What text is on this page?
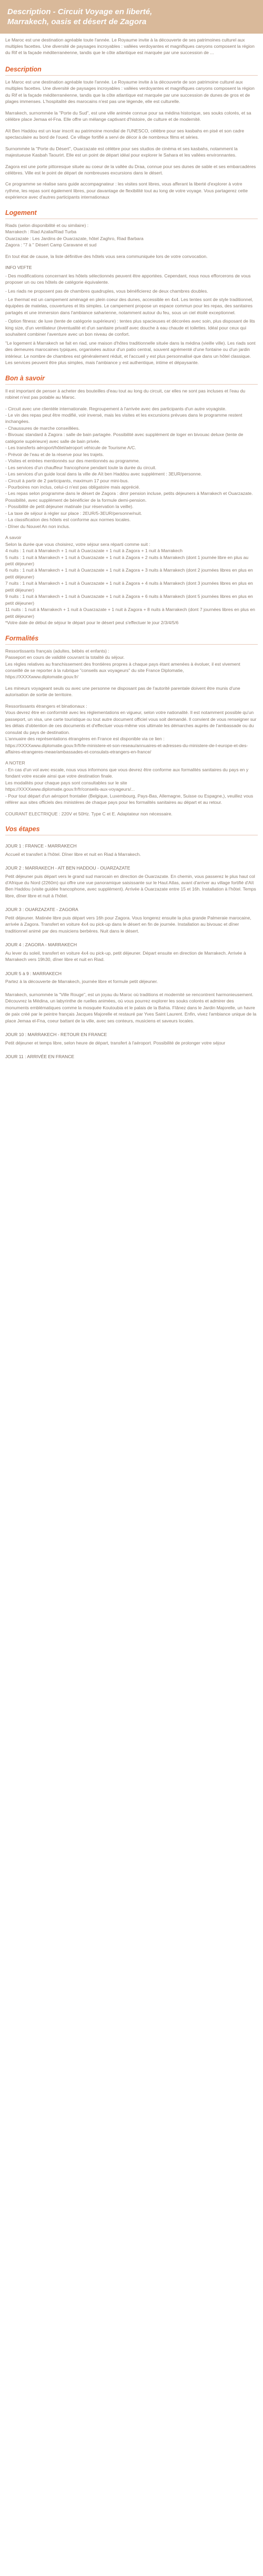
Description - Circuit Voyage en liberté,
Marrakech, oasis et désert de Zagora

Le Maroc est une destination agréable toute l'année. Le Royaume invite à la découverte de ses patrimoines culturel aux multiples facettes. Une diversité de paysages incroyables : vallées verdoyantes et magnifiques canyons composent la région du Rif et la façade méditerranéenne, tandis que le côte atlantique est marquée par une succession de ...

Description

Le Maroc est une destination agréable toute l'année. Le Royaume invite à la découverte de son patrimoine culturel aux multiples facettes. Une diversité de paysages incroyables : vallées verdoyantes et magnifiques canyons composent la région du Rif et la façade méditerranéenne, tandis que la côte atlantique est marquée par une succession de dunes de gros et de plages immenses. L'hospitalité des marocains n'est pas une légende, elle est culturelle.

Marrakech, surnommée la "Porte du Sud", est une ville animée connue pour sa médina historique, ses souks colorés, et sa célèbre place Jemaa el-Fna. Elle offre un mélange captivant d'histoire, de culture et de modernité.

Aït Ben Haddou est un ksar inscrit au patrimoine mondial de l'UNESCO, célèbre pour ses kasbahs en pisé et son cadre spectaculaire au bord de l'oued. Ce village fortifié a servi de décor à de nombreux films et séries.

Surnommée la "Porte du Désert", Ouarzazate est célèbre pour ses studios de cinéma et ses kasbahs, notamment la majestueuse Kasbah Taourirt. Elle est un point de départ idéal pour explorer le Sahara et les vallées environnantes.

Zagora est une porte pittoresque située au coeur de la vallée du Draa, connue pour ses dunes de sable et ses embarcadères célèbres. Ville est le point de départ de nombreuses excursions dans le désert.

Ce programme se réalise sans guide accompagnateur : les visites sont libres, vous afferant la liberté d'explorer à votre rythme, les repas sont également libres, pour davantage de flexibilité tout au long de votre voyage. Vous partagerez cette expérience avec d'autres participants internationaux

Logement

Riads (selon disponibilité et ou similaire) :

Marrakech : Riad Azalia/Riad Turba

Ouarzazate : Les Jardins de Ouarzazate, hôtel Zaghro, Riad Barbara

Zagora : "7 à " Désert Camp Caravane et sud

En tout état de cause, la liste définitive des hôtels vous sera communiquée lors de votre convocation.

INFO VEFTE

- Des modifications concernant les hôtels sélectionnés peuvent être apportées. Cependant, nous nous efforcerons de vous proposer un ou ces hôtels de catégorie équivalente.

- Les riads ne proposent pas de chambres quadruples, vous bénéficierez de deux chambres doubles.

- Le thermat est un campement aménagé en plein coeur des dunes, accessible en 4x4. Les tentes sont de style traditionnel, équipées de matelas, couvertures et lits simples. Le campement propose un espace commun pour les repas, des sanitaires partagés et une immersion dans l'ambiance saharienne, notamment autour du feu, sous un ciel étoilé exceptionnel.

- Option fitness: de luxe (tente de catégorie supérieure) : tentes plus spacieuses et décorées avec soin, plus disposant de lits king size, d'un ventilateur (éventualité et d'un sanitaire privatif avec douche à eau chaude et toilettes. Idéal pour ceux qui souhaitent combiner l'aventure avec un bon niveau de confort.

"Le logement à Marrakech se fait en riad, une maison d'hôtes traditionnelle située dans la médina (vieille ville). Les riads sont des demeures marocaines typiques, organisées autour d'un patio central, souvent agrémenté d'une fontaine ou d'un jardin intérieur. Le nombre de chambres est généralement réduit, et l'accueil y est plus personnalisé que dans un hôtel classique. Les services peuvent être plus simples, mais l'ambiance y est authentique, intime et dépaysante.

Bon à savoir

Il est important de penser à acheter des bouteilles d'eau tout au long du circuit, car elles ne sont pas incluses et l'eau du robinet n'est pas potable au Maroc.

- Circuit avec une clientèle internationale. Regroupement à l'arrivée avec des participants d'un autre voyagiste.
- Le vin des repas peut être modifié, voir inversé, mais les visites et les excursions prévues dans le programme restent inchangées.
- Chaussures de marche conseillées.
- Bivouac standard à Zagora : salle de bain partagée. Possibilité avec supplément de loger en bivouac deluxe (tente de catégorie supérieure) avec salle de bain privée.
- Les transferts aéroport/hôtel/aéroport véhicule de Tourisme A/C.
- Prévoir de l'eau et de la réserve pour les trajets.
- Visites et entrées mentionnés sur des mentionnés au programme.
- Les services d'un chauffeur francophone pendant toute la durée du circuit.
- Les services d'un guide local dans la ville de Aït ben Haddou avec supplément : 3EUR/personne.
- Circuit à partir de 2 participants, maximum 17 pour mini-bus.
- Pourboires non inclus, celui-ci n'est pas obligatoire mais apprécié.
- Les repas selon programme dans le désert de Zagora : dinrr pension incluse, petits déjeuners à Marrakech et Ouarzazate. Possibilité, avec supplément de bénéficier de la formule demi-pension.
- Possibilité de petit déjeuner matinale (sur réservation la veille).
- La taxe de séjour à régler sur place : 2EUR/5-3EUR/personne/nuit.
- La classification des hôtels est conforme aux normes locales.
- Dîner du Nouvel An non inclus.

A savoir
Selon la durée que vous choisirez, votre séjour sera réparti comme suit :
4 nuits : 1 nuit à Marrakech + 1 nuit à Ouarzazate + 1 nuit à Zagora + 1 nuit à Marrakech
5 nuits : 1 nuit à Marrakech + 1 nuit à Ouarzazate + 1 nuit à Zagora + 2 nuits à Marrakech (dont 1 journée libre en plus au petit déjeuner)
6 nuits : 1 nuit à Marrakech + 1 nuit à Ouarzazate + 1 nuit à Zagora + 3 nuits à Marrakech (dont 2 journées libres en plus en petit déjeuner)
7 nuits : 1 nuit à Marrakech + 1 nuit à Ouarzazate + 1 nuit à Zagora + 4 nuits à Marrakech (dont 3 journées libres en plus en petit déjeuner)
9 nuits : 1 nuit à Marrakech + 1 nuit à Ouarzazate + 1 nuit à Zagora + 6 nuits à Marrakech (dont 5 journées libres en plus en petit déjeuner)
11 nuits : 1 nuit à Marrakech + 1 nuit à Ouarzazate + 1 nuit à Zagora + 8 nuits à Marrakech (dont 7 journées libres en plus en petit déjeuner)
*Votre date de début de séjour le départ pour le désert peut s'effectuer le jour 2/3/4/5/6

Formalités

Ressortissants français (adultes, bébés et enfants) :
Passeport en cours de validité couvrant la totalité du séjour.
Les règles relatives au franchissement des frontières propres à chaque pays étant amenées à évoluer, il est vivement conseillé de se reporter à la rubrique "conseils aux voyageurs" du site France Diplomatie,
https://XXXXwww.diplomatie.gouv.fr/

Les mineurs voyageant seuls ou avec une personne ne disposant pas de l'autorité parentale doivent être munis d'une autorisation de sortie de territoire.

Ressortissants étrangers et binationaux :
Vous devrez être en conformité avec les réglementations en vigueur, selon votre nationalité. Il est notamment possible qu'un passeport, un visa, une carte touristique ou tout autre document officiel vous soit demandé. Il convient de vous renseigner sur les délais d'obtention de ces documents et d'effectuer vous-même vos ultimate les démarches auprès de l'ambassade ou du consulat du pays de destination.
L'annuaire des représentations étrangères en France est disponible via ce lien :
https://XXXXwww.diplomatie.gouv.fr/fr/le-ministere-et-son-reseau/annuaires-et-adresses-du-ministere-de-l-europe-et-des-affaires-etrangeres-meae/ambassades-et-consulats-etrangers-en-france/

A NOTER
- En cas d'un vol avec escale, nous vous informons que vous devrez être conforme aux formalités sanitaires du pays en y fondant votre escale ainsi que votre destination finale.
Les modalités pour chaque pays sont consultables sur le site
https://XXXXwww.diplomatie.gouv.fr/fr/conseils-aux-voyageurs/...
- Pour tout départ d'un aéroport frontalier (Belgique, Luxembourg, Pays-Bas, Allemagne, Suisse ou Espagne,), veuillez vous référer aux sites officiels des ministères de chaque pays pour les formalités sanitaires au départ et au retour.

COURANT ELECTRIQUE : 220V et 50Hz. Type C et E. Adaptateur non nécessaire.

Vos étapes

JOUR 1 : FRANCE - MARRAKECH

Accueil et transfert à l'hôtel. Dîner libre et nuit en Riad à Marrakech.

JOUR 2 : MARRAKECH - AÏT BEN HADDOU - OUARZAZATE

Petit déjeuner puis départ vers le grand sud marocain en direction de Ouarzazate. En chemin, vous passerez le plus haut col d'Afrique du Nord (2260m) qui offre une vue panoramique saisissante sur le Haut Atlas, avant d'arriver au village fortifié d'Aït Ben Haddou (visite guidée francophone, avec supplément). Arrivée à Ouarzazate entre 15 et 16h. Installation à l'hôtel. Temps libre, dîner libre et nuit à l'hôtel.

JOUR 3 : OUARZAZATE - ZAGORA

Petit déjeuner. Matinée libre puis départ vers 16h pour Zagora. Vous longerez ensuite la plus grande Palmeraie marocaine, arrivée à Zagora. Transfert en voiture 4x4 ou pick-up dans le désert en fin de journée. Installation au bivouac et dîner traditionnel animé par des musiciens berbères. Nuit dans le désert.

JOUR 4 : ZAGORA - MARRAKECH

Au lever du soleil, transfert en voiture 4x4 ou pick-up, petit déjeuner. Départ ensuite en direction de Marrakech. Arrivée à Marrakech vers 19h30, dîner libre et nuit en Riad.

JOUR 5 à 9 : MARRAKECH

Partez à la découverte de Marrakech, journée libre et formule petit déjeuner.

Marrakech, surnommée la "Ville Rouge", est un joyau du Maroc où traditions et modernité se rencontrent harmonieusement. Découvrez la Médina, un labyrinthe de ruelles animées, où vous pourrez explorer les souks colorés et admirer des monuments emblématiques comme la mosquée Koutoubia et le palais de la Bahia. Flânez dans le Jardin Majorelle, un havre de paix créé par le peintre français Jacques Majorelle et restauré par Yves Saint Laurent. Enfin, vivez l'ambiance unique de la place Jemaa el-Fna, coeur battant de la ville, avec ses conteurs, musiciens et saveurs locales.

JOUR 10 : MARRAKECH - RETOUR EN FRANCE

Petit déjeuner et temps libre, selon heure de départ, transfert à l'aéroport. Possibilité de prolonger votre séjour

JOUR 11 : ARRIVÉE EN FRANCE
